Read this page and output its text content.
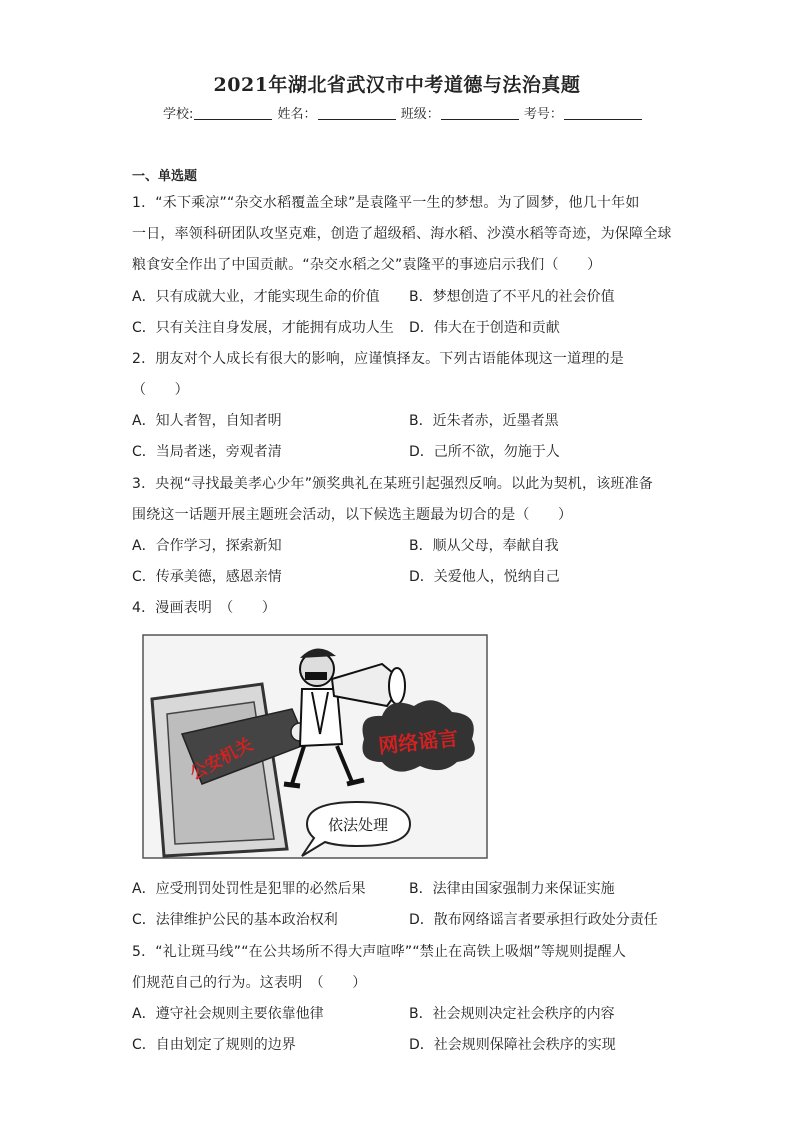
2021年湖北省武汉市中考道德与法治真题
学校:	姓名：	班级：	考号：
一、单选题
1．“禾下乘凉”“杂交水稻覆盖全球”是袁隆平一生的梦想。为了圆梦，他几十年如
一日，率领科研团队攻坚克难，创造了超级稻、海水稻、沙漠水稻等奇迹，为保障全球
粮食安全作出了中国贡献。“杂交水稻之父”袁隆平的事迹启示我们（　　）
A．只有成就大业，才能实现生命的价值 B．梦想创造了不平凡的社会价值
C．只有关注自身发展，才能拥有成功人生 D．伟大在于创造和贡献
2．朋友对个人成长有很大的影响，应谨慎择友。下列古语能体现这一道理的是
（　　）
A．知人者智，自知者明	B．近朱者赤，近墨者黑
C．当局者迷，旁观者清	D．己所不欲，勿施于人
3．央视“寻找最美孝心少年”颁奖典礼在某班引起强烈反响。以此为契机，该班准备
围绕这一话题开展主题班会活动，以下候选主题最为切合的是（　　）
A．合作学习，探索新知	B．顺从父母，奉献自我
C．传承美德，感恩亲情	D．关爱他人，悦纳自己
4．漫画表明　（　　）
网络谣言
公安机关
依法处理
A．应受刑罚处罚性是犯罪的必然后果	B．法律由国家强制力来保证实施
C．法律维护公民的基本政治权利	D．散布网络谣言者要承担行政处分责任
5．“礼让斑马线”“在公共场所不得大声喧哗”“禁止在高铁上吸烟”等规则提醒人
们规范自己的行为。这表明　（　　）
A．遵守社会规则主要依靠他律	B．社会规则决定社会秩序的内容
C．自由划定了规则的边界	D．社会规则保障社会秩序的实现
